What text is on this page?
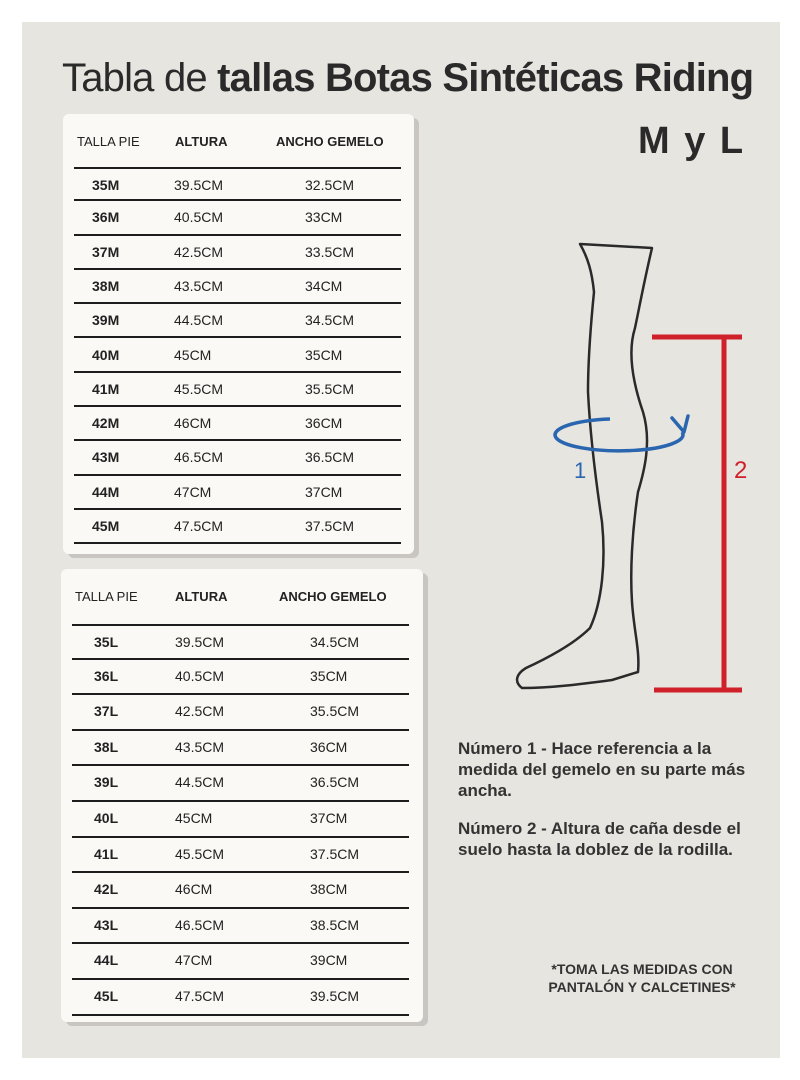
Tabla de tallas Botas Sintéticas Riding
M y L
TALLA PIE	ALTURA	ANCHO GEMELO
35M	39.5CM	32.5CM
36M	40.5CM	33CM
37M	42.5CM	33.5CM
38M	43.5CM	34CM
39M	44.5CM	34.5CM
40M	45CM	35CM
41M	45.5CM	35.5CM
42M	46CM	36CM
43M	46.5CM	36.5CM
44M	47CM	37CM
45M	47.5CM	37.5CM
TALLA PIE	ALTURA	ANCHO GEMELO
35L	39.5CM	34.5CM
36L	40.5CM	35CM
37L	42.5CM	35.5CM
38L	43.5CM	36CM
39L	44.5CM	36.5CM
40L	45CM	37CM
41L	45.5CM	37.5CM
42L	46CM	38CM
43L	46.5CM	38.5CM
44L	47CM	39CM
45L	47.5CM	39.5CM
2
1
Número 1 - Hace referencia a la medida del gemelo en su parte más ancha.
Número 2 - Altura de caña desde el suelo hasta la doblez de la rodilla.
*TOMA LAS MEDIDAS CON PANTALÓN Y CALCETINES*
